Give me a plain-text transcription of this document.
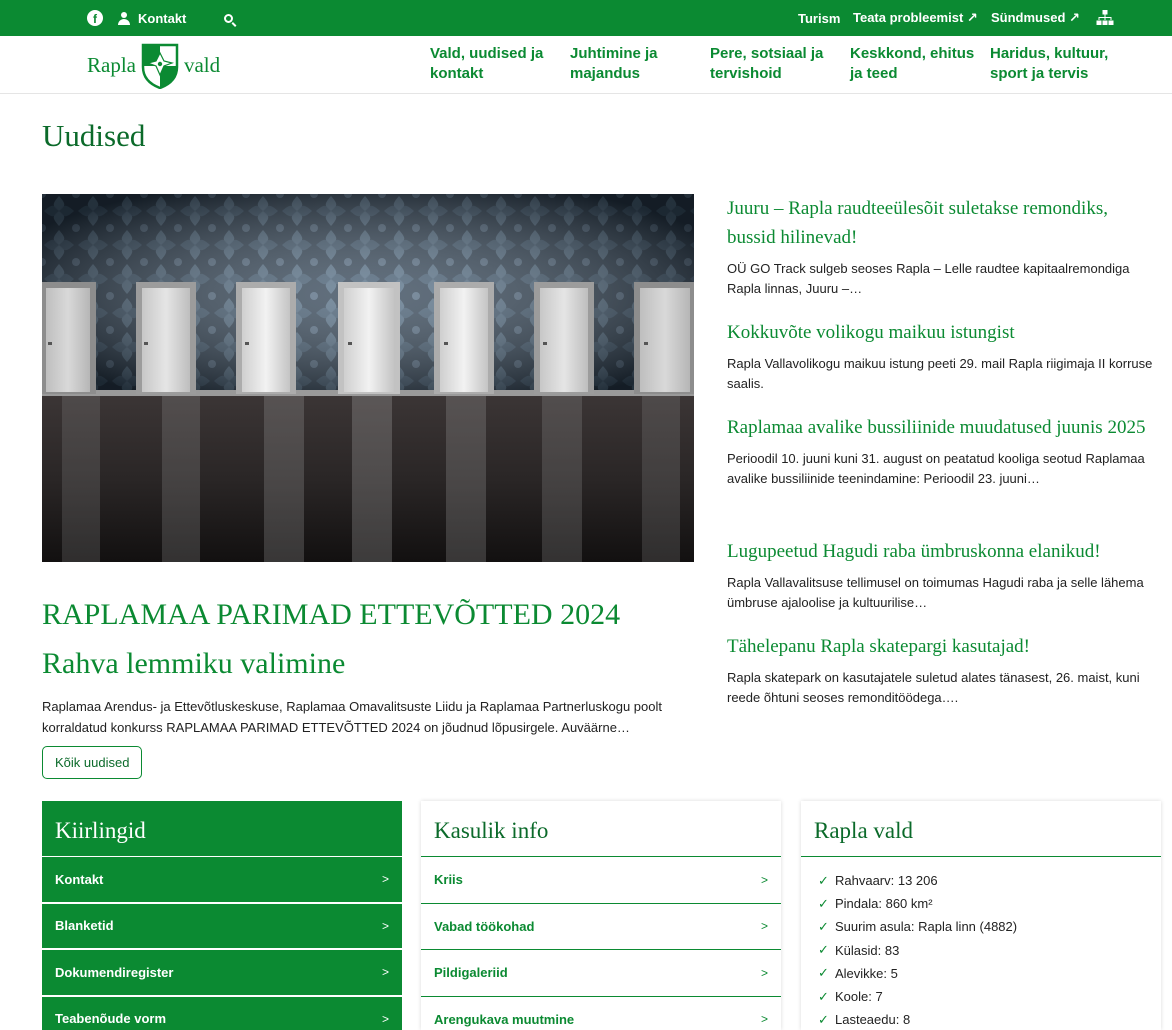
f	Kontakt	Turism Teata probleemist ↗ Sündmused ↗
Rapla vald	Vald, uudised ja kontakt
Juhtimine ja majandus
Pere, sotsiaal ja tervishoid
Keskkond, ehitus ja teed
Haridus, kultuur, sport ja tervis
Uudised
RAPLAMAA PARIMAD ETTEVÕTTED 2024
Rahva lemmiku valimine

Raplamaa Arendus- ja Ettevõtluskeskuse, Raplamaa Omavalitsuste Liidu ja Raplamaa Partnerluskogu poolt korraldatud konkurss RAPLAMAA PARIMAD ETTEVÕTTED 2024 on jõudnud lõpusirgele. Auväärne…

Kõik uudised
Juuru – Rapla raudteeülesõit suletakse remondiks, bussid hilinevad!
OÜ GO Track sulgeb seoses Rapla – Lelle raudtee kapitaalremondiga Rapla linnas, Juuru –…
Kokkuvõte volikogu maikuu istungist
Rapla Vallavolikogu maikuu istung peeti 29. mail Rapla riigimaja II korruse saalis.
Raplamaa avalike bussiliinide muudatused juunis 2025
Perioodil 10. juuni kuni 31. august on peatatud kooliga seotud Raplamaa avalike bussiliinide teenindamine: Perioodil 23. juuni…
Lugupeetud Hagudi raba ümbruskonna elanikud!
Rapla Vallavalitsuse tellimusel on toimumas Hagudi raba ja selle lähema ümbruse ajaloolise ja kultuurilise…
Tähelepanu Rapla skatepargi kasutajad!
Rapla skatepark on kasutajatele suletud alates tänasest, 26. maist, kuni reede õhtuni seoses remonditöödega….
Kiirlingid
Kontakt	>
Blanketid	>
Dokumendiregister	>
Teabenõude vorm	>
Kasulik info
Kriis	>
Vabad töökohad	>
Pildigaleriid	>
Arengukava muutmine	>
Rapla vald
✓ Rahvaarv: 13 206
✓ Pindala: 860 km²
✓ Suurim asula: Rapla linn (4882)
✓ Külasid: 83
✓ Alevikke: 5
✓ Koole: 7
✓ Lasteaedu: 8
